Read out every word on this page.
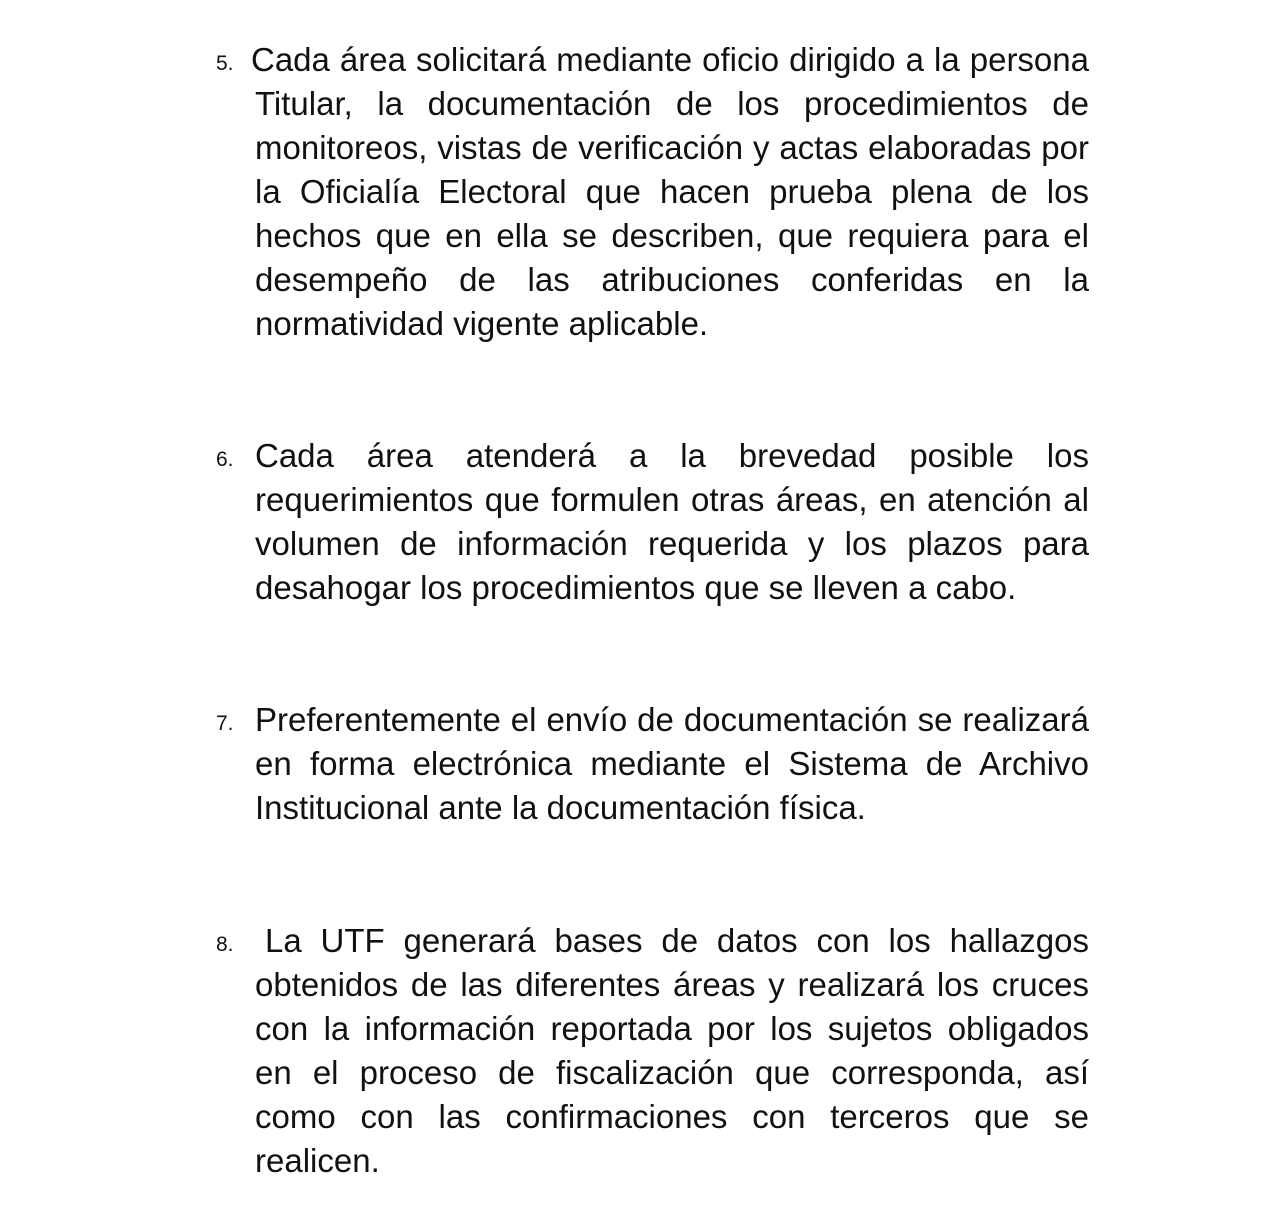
5. Cada área solicitará mediante oficio dirigido a la persona Titular, la documentación de los procedimientos de monitoreos, vistas de verificación y actas elaboradas por la Oficialía Electoral que hacen prueba plena de los hechos que en ella se describen, que requiera para el desempeño de las atribuciones conferidas en la normatividad vigente aplicable.
6. Cada área atenderá a la brevedad posible los requerimientos que formulen otras áreas, en atención al volumen de información requerida y los plazos para desahogar los procedimientos que se lleven a cabo.
7. Preferentemente el envío de documentación se realizará en forma electrónica mediante el Sistema de Archivo Institucional ante la documentación física.
8. La UTF generará bases de datos con los hallazgos obtenidos de las diferentes áreas y realizará los cruces con la información reportada por los sujetos obligados en el proceso de fiscalización que corresponda, así como con las confirmaciones con terceros que se realicen.
